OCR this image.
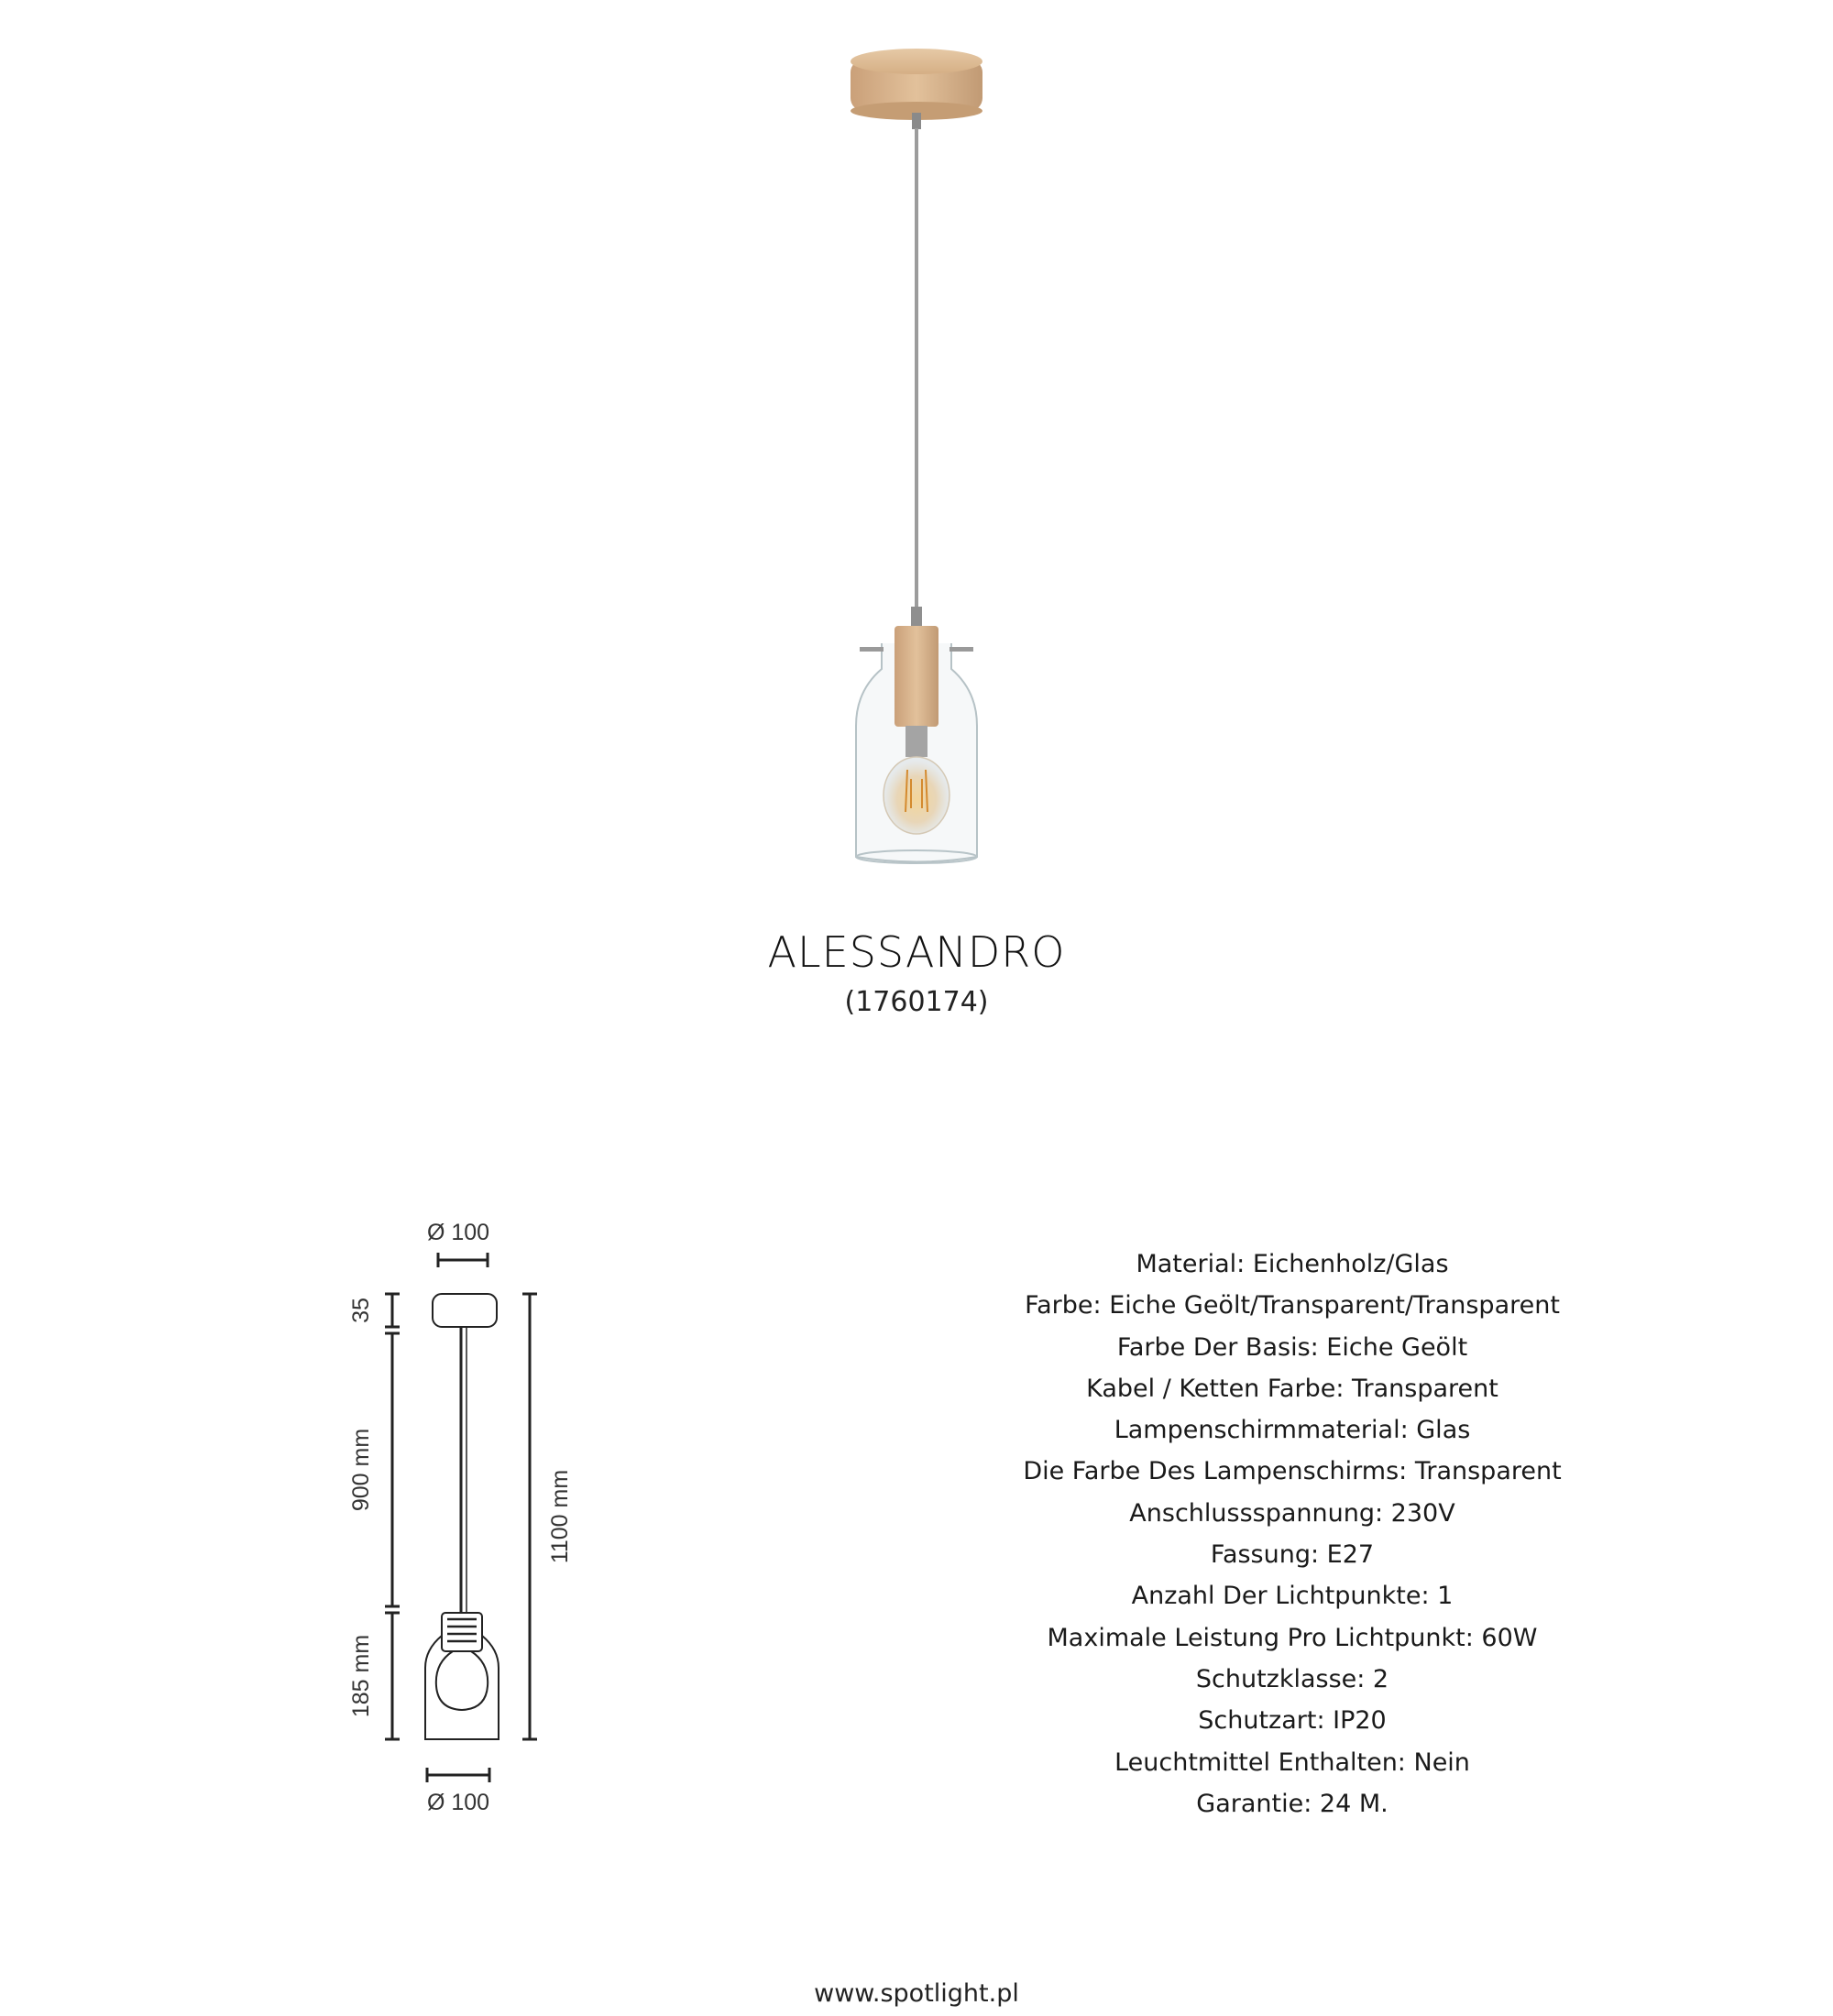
ALESSANDRO
(1760174)
Ø 100
35
900 mm
185 mm
1100 mm
Ø 100
Material: Eichenholz/Glas
Farbe: Eiche Geölt/Transparent/Transparent
Farbe Der Basis: Eiche Geölt
Kabel / Ketten Farbe: Transparent
Lampenschirmmaterial: Glas
Die Farbe Des Lampenschirms: Transparent
Anschlussspannung: 230V
Fassung: E27
Anzahl Der Lichtpunkte: 1
Maximale Leistung Pro Lichtpunkt: 60W
Schutzklasse: 2
Schutzart: IP20
Leuchtmittel Enthalten: Nein
Garantie: 24 M.
www.spotlight.pl
